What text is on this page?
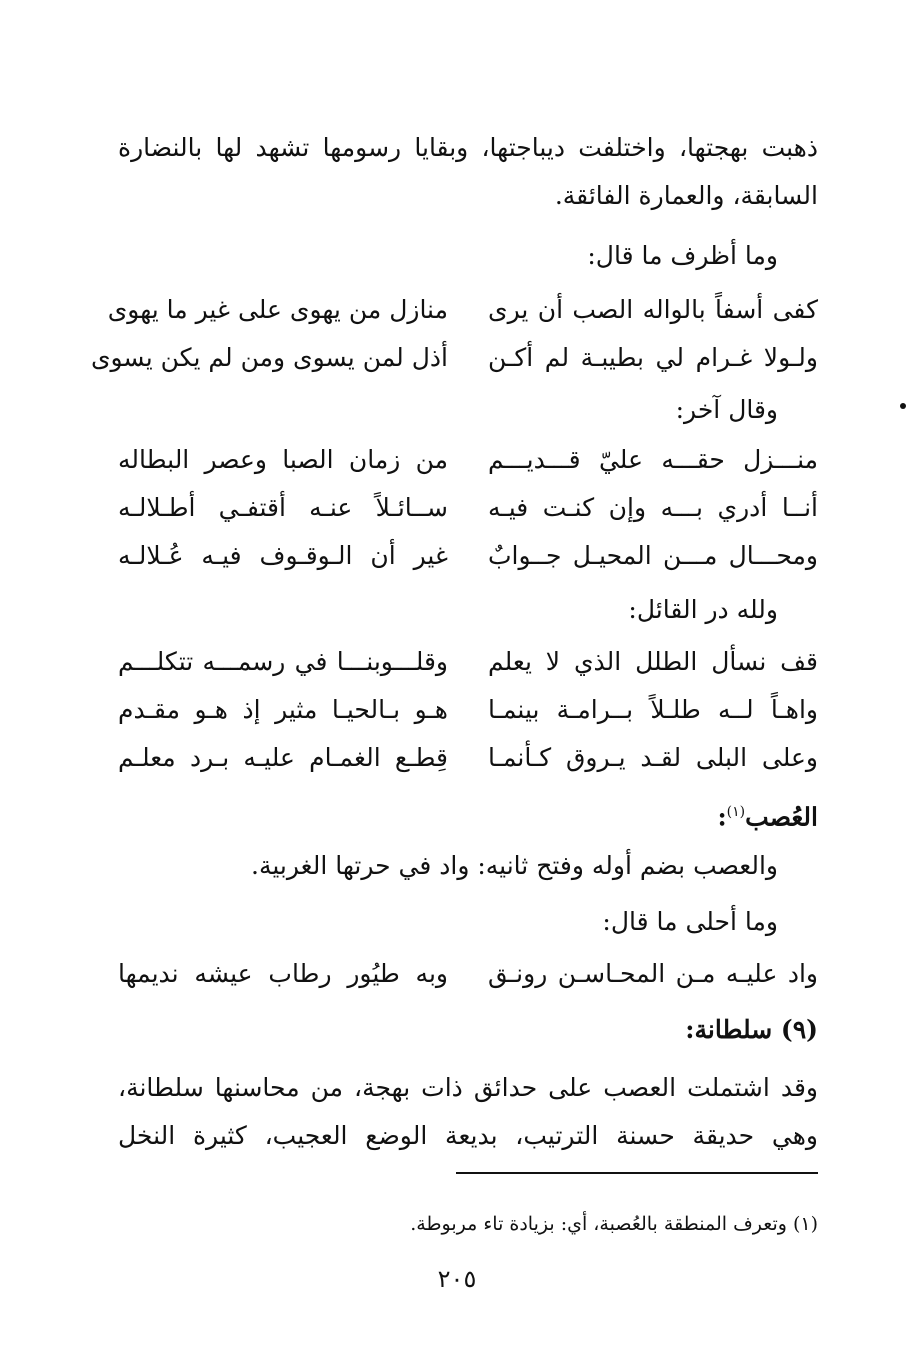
ذهبت بهجتها، واختلفت ديباجتها، وبقايا رسومها تشهد لها بالنضارة السابقة، والعمارة الفائقة.

وما أظرف ما قال:
كفى أسفاً بالواله الصب أن يرى
منازل من يهوى على غير ما يهوى
ولـولا غـرام لي بطيبـة لم أكـن
أذل لمن يسوى ومن لم يكن يسوى
وقال آخر:
منـــزل حقـــه عليّ قـــديـــم
من زمان الصبا وعصر البطاله
أنــا أدري بـــه وإن كنـت فيـه
ســائـلاً عنـه أقتفـي أطـلالـه
ومحـــال مـــن المحيـل جــوابٌ
غير أن الـوقـوف فيـه عُـلالـه
ولله در القائل:
قف نسأل الطلل الذي لا يعلم
وقلـــوبنـــا في رسمـــه تتكلـــم
واهـاً لــه طلـلاً بــرامـة بينمـا
هـو بـالحيـا مثير إذ هـو مقـدم
وعلى البلى لقـد يـروق كـأنمـا
قِطـع الغمـام عليـه بـرد معلـم
العُصب$^{(١)}$:
والعصب بضم أوله وفتح ثانيه: واد في حرتها الغربية.
وما أحلى ما قال:
واد عليـه مـن المحـاسـن رونـق
وبه طيُور رطاب عيشه نديمها
(٩) سلطانة:
وقد اشتملت العصب على حدائق ذات بهجة، من محاسنها سلطانة،
وهي حديقة حسنة الترتيب، بديعة الوضع العجيب، كثيرة النخل
(١) وتعرف المنطقة بالعُصبة، أي: بزيادة تاء مربوطة.
٢٠٥
